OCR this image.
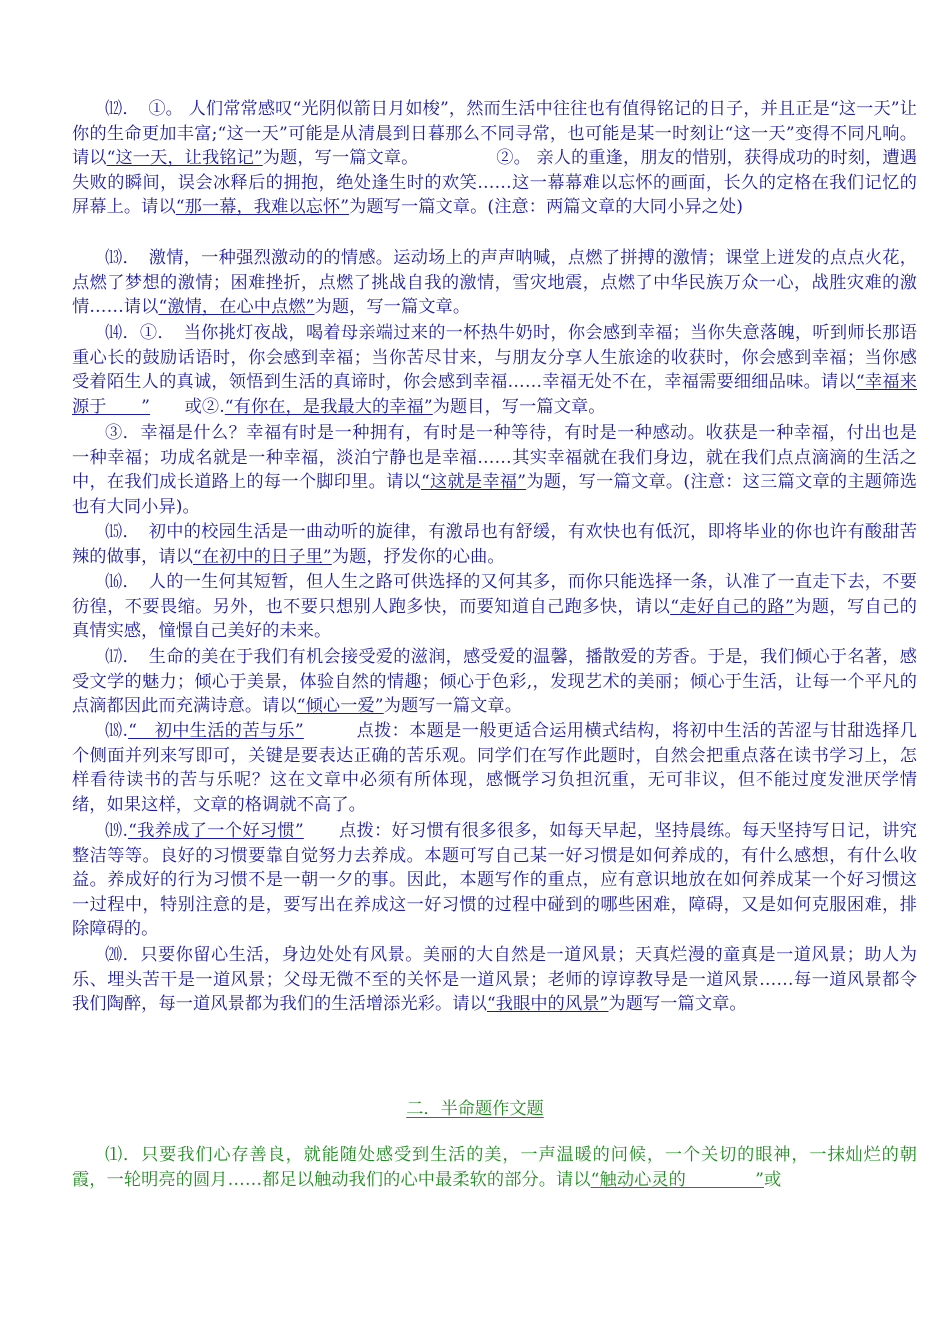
⑿．　①。 人们常常感叹“光阴似箭日月如梭”，然而生活中往往也有值得铭记的日子，并且正是“这一天”让你的生命更加丰富;“这一天”可能是从清晨到日暮那么不同寻常，也可能是某一时刻让“这一天”变得不同凡响。请以“这一天，让我铭记”为题，写一篇文章。　　　　　②。 亲人的重逢，朋友的惜别，获得成功的时刻，遭遇失败的瞬间，误会冰释后的拥抱，绝处逢生时的欢笑……这一幕幕难以忘怀的画面，长久的定格在我们记忆的屏幕上。请以“那一幕，我难以忘怀”为题写一篇文章。(注意：两篇文章的大同小异之处)

⒀．　激情，一种强烈激动的的情感。运动场上的声声呐喊，点燃了拼搏的激情；课堂上迸发的点点火花，点燃了梦想的激情；困难挫折，点燃了挑战自我的激情，雪灾地震，点燃了中华民族万众一心，战胜灾难的激情……请以“激情，在心中点燃”为题，写一篇文章。

⒁．①．　当你挑灯夜战，喝着母亲端过来的一杯热牛奶时，你会感到幸福；当你失意落魄，听到师长那语重心长的鼓励话语时，你会感到幸福；当你苦尽甘来，与朋友分享人生旅途的收获时，你会感到幸福；当你感受着陌生人的真诚，领悟到生活的真谛时，你会感到幸福……幸福无处不在，幸福需要细细品味。请以“幸福来源于　　”　　或②.“有你在，是我最大的幸福”为题目，写一篇文章。

③．幸福是什么？幸福有时是一种拥有，有时是一种等待，有时是一种感动。收获是一种幸福，付出也是一种幸福；功成名就是一种幸福，淡泊宁静也是幸福……其实幸福就在我们身边，就在我们点点滴滴的生活之中，在我们成长道路上的每一个脚印里。请以“这就是幸福”为题，写一篇文章。(注意：这三篇文章的主题筛选也有大同小异)。

⒂．　初中的校园生活是一曲动听的旋律，有激昂也有舒缓，有欢快也有低沉，即将毕业的你也许有酸甜苦辣的做事，请以“在初中的日子里”为题，抒发你的心曲。

⒃．　人的一生何其短暂，但人生之路可供选择的又何其多，而你只能选择一条，认准了一直走下去，不要彷徨，不要畏缩。另外，也不要只想别人跑多快，而要知道自己跑多快，请以“走好自己的路”为题，写自己的真情实感，憧憬自己美好的未来。

⒄．　生命的美在于我们有机会接受爱的滋润，感受爱的温馨，播散爱的芳香。于是，我们倾心于名著，感受文学的魅力；倾心于美景，体验自然的情趣；倾心于色彩,，发现艺术的美丽；倾心于生活，让每一个平凡的点滴都因此而充满诗意。请以“倾心一爱”为题写一篇文章。

⒅.“　初中生活的苦与乐”　　　点拨：本题是一般更适合运用横式结构，将初中生活的苦涩与甘甜选择几个侧面并列来写即可，关键是要表达正确的苦乐观。同学们在写作此题时，自然会把重点落在读书学习上，怎样看待读书的苦与乐呢？这在文章中必须有所体现，感慨学习负担沉重，无可非议，但不能过度发泄厌学情绪，如果这样，文章的格调就不高了。

⒆.“我养成了一个好习惯”　　点拨：好习惯有很多很多，如每天早起，坚持晨练。每天坚持写日记，讲究整洁等等。良好的习惯要靠自觉努力去养成。本题可写自己某一好习惯是如何养成的，有什么感想，有什么收益。养成好的行为习惯不是一朝一夕的事。因此，本题写作的重点，应有意识地放在如何养成某一个好习惯这一过程中，特别注意的是，要写出在养成这一好习惯的过程中碰到的哪些困难，障碍，又是如何克服困难，排除障碍的。

⒇．只要你留心生活，身边处处有风景。美丽的大自然是一道风景；天真烂漫的童真是一道风景；助人为乐、埋头苦干是一道风景；父母无微不至的关怀是一道风景；老师的谆谆教导是一道风景……每一道风景都令我们陶醉，每一道风景都为我们的生活增添光彩。请以“我眼中的风景”为题写一篇文章。

二．半命题作文题

⑴．只要我们心存善良，就能随处感受到生活的美，一声温暖的问候，一个关切的眼神，一抹灿烂的朝霞，一轮明亮的圆月……都足以触动我们的心中最柔软的部分。请以“触动心灵的　　　　”或
